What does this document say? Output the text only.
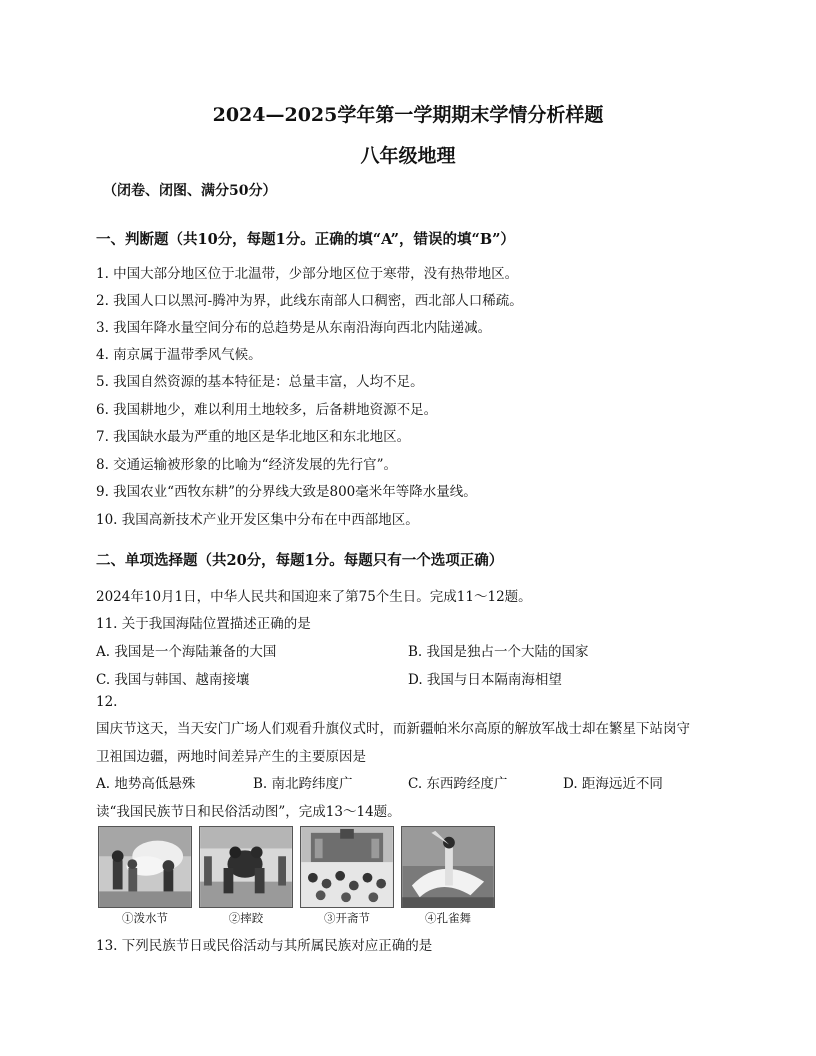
2024—2025学年第一学期期末学情分析样题
八年级地理
（闭卷、闭图、满分50分）
一、判断题（共10分，每题1分。正确的填“A”，错误的填“B”）
1. 中国大部分地区位于北温带，少部分地区位于寒带，没有热带地区。
2. 我国人口以黑河-腾冲为界，此线东南部人口稠密，西北部人口稀疏。
3. 我国年降水量空间分布的总趋势是从东南沿海向西北内陆递减。
4. 南京属于温带季风气候。
5. 我国自然资源的基本特征是：总量丰富，人均不足。
6. 我国耕地少，难以利用土地较多，后备耕地资源不足。
7. 我国缺水最为严重的地区是华北地区和东北地区。
8. 交通运输被形象的比喻为“经济发展的先行官”。
9. 我国农业“西牧东耕”的分界线大致是800毫米年等降水量线。
10. 我国高新技术产业开发区集中分布在中西部地区。
二、单项选择题（共20分，每题1分。每题只有一个选项正确）
2024年10月1日，中华人民共和国迎来了第75个生日。完成11～12题。
11. 关于我国海陆位置描述正确的是
A. 我国是一个海陆兼备的大国	B. 我国是独占一个大陆的国家
C. 我国与韩国、越南接壤	D. 我国与日本隔南海相望
12.
国庆节这天，当天安门广场人们观看升旗仪式时，而新疆帕米尔高原的解放军战士却在繁星下站岗守
卫祖国边疆，两地时间差异产生的主要原因是
A. 地势高低悬殊	B. 南北跨纬度广	C. 东西跨经度广	D. 距海远近不同
读“我国民族节日和民俗活动图”，完成13～14题。
①泼水节	②摔跤	③开斋节	④孔雀舞
13. 下列民族节日或民俗活动与其所属民族对应正确的是
